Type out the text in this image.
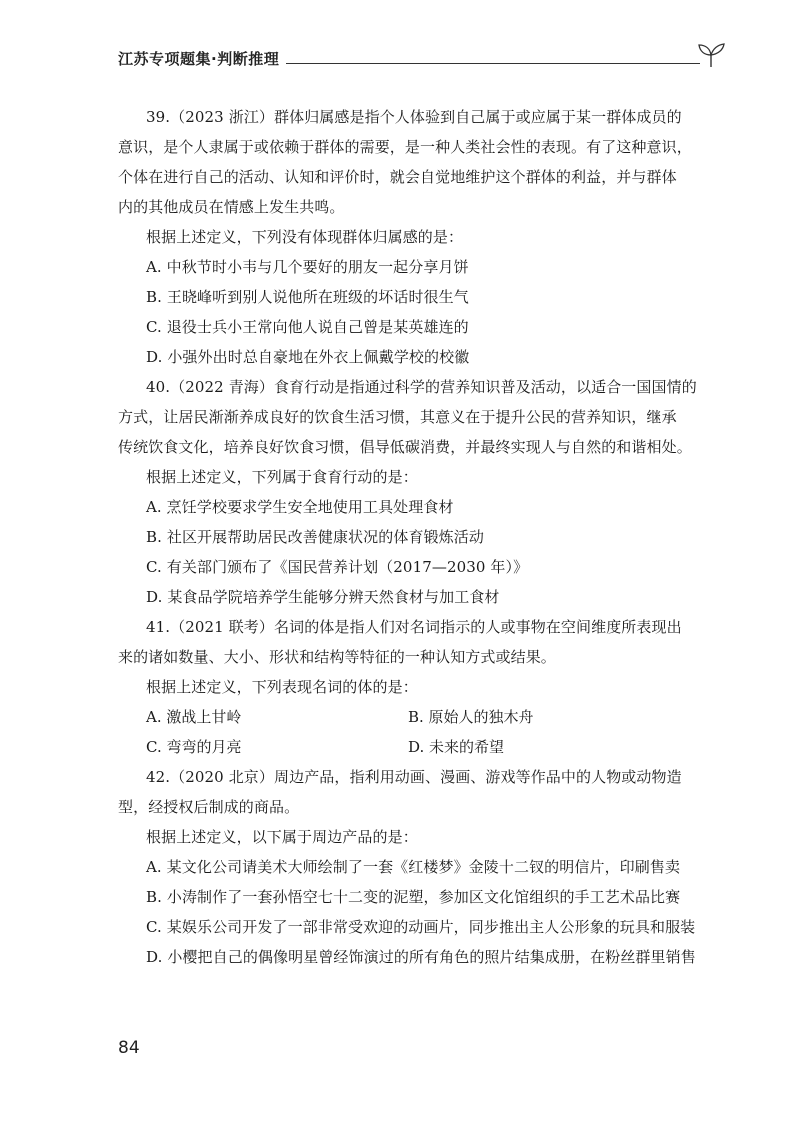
江苏专项题集·判断推理
39.（2023 浙江）群体归属感是指个人体验到自己属于或应属于某一群体成员的
意识，是个人隶属于或依赖于群体的需要，是一种人类社会性的表现。有了这种意识，
个体在进行自己的活动、认知和评价时，就会自觉地维护这个群体的利益，并与群体
内的其他成员在情感上发生共鸣。
根据上述定义，下列没有体现群体归属感的是：
A. 中秋节时小韦与几个要好的朋友一起分享月饼
B. 王晓峰听到别人说他所在班级的坏话时很生气
C. 退役士兵小王常向他人说自己曾是某英雄连的
D. 小强外出时总自豪地在外衣上佩戴学校的校徽
40.（2022 青海）食育行动是指通过科学的营养知识普及活动，以适合一国国情的
方式，让居民渐渐养成良好的饮食生活习惯，其意义在于提升公民的营养知识，继承
传统饮食文化，培养良好饮食习惯，倡导低碳消费，并最终实现人与自然的和谐相处。
根据上述定义，下列属于食育行动的是：
A. 烹饪学校要求学生安全地使用工具处理食材
B. 社区开展帮助居民改善健康状况的体育锻炼活动
C. 有关部门颁布了《国民营养计划（2017—2030 年）》
D. 某食品学院培养学生能够分辨天然食材与加工食材
41.（2021 联考）名词的体是指人们对名词指示的人或事物在空间维度所表现出
来的诸如数量、大小、形状和结构等特征的一种认知方式或结果。
根据上述定义，下列表现名词的体的是：
A. 激战上甘岭	B. 原始人的独木舟
C. 弯弯的月亮	D. 未来的希望
42.（2020 北京）周边产品，指利用动画、漫画、游戏等作品中的人物或动物造
型，经授权后制成的商品。
根据上述定义，以下属于周边产品的是：
A. 某文化公司请美术大师绘制了一套《红楼梦》金陵十二钗的明信片，印刷售卖
B. 小涛制作了一套孙悟空七十二变的泥塑，参加区文化馆组织的手工艺术品比赛
C. 某娱乐公司开发了一部非常受欢迎的动画片，同步推出主人公形象的玩具和服装
D. 小樱把自己的偶像明星曾经饰演过的所有角色的照片结集成册，在粉丝群里销售
84
